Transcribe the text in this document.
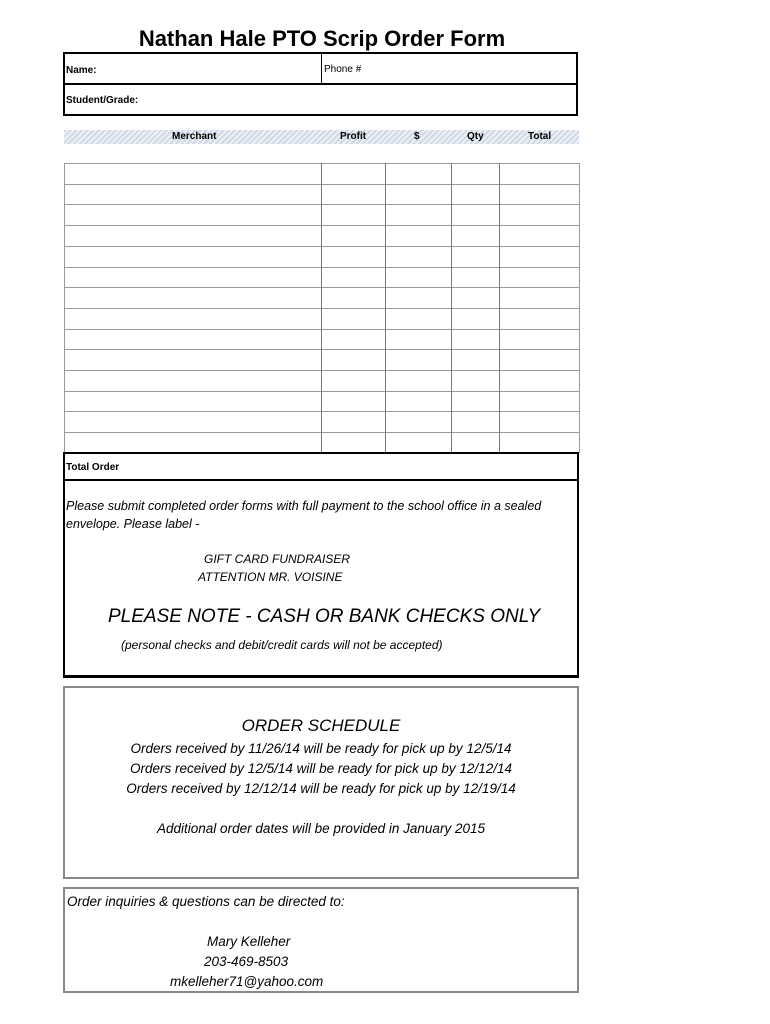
Nathan Hale PTO Scrip Order Form
Name:	Phone #
Student/Grade:
Merchant	Profit	$	Qty	Total
Total Order
Please submit completed order forms with full payment to the school office in a sealed
envelope. Please label -
GIFT CARD FUNDRAISER
ATTENTION MR. VOISINE
PLEASE NOTE - CASH OR BANK CHECKS ONLY
(personal checks and debit/credit cards will not be accepted)
ORDER SCHEDULE
Orders received by 11/26/14 will be ready for pick up by 12/5/14
Orders received by 12/5/14 will be ready for pick up by 12/12/14
Orders received by 12/12/14 will be ready for pick up by 12/19/14
Additional order dates will be provided in January 2015
Order inquiries & questions can be directed to:
Mary Kelleher
203-469-8503
mkelleher71@yahoo.com
